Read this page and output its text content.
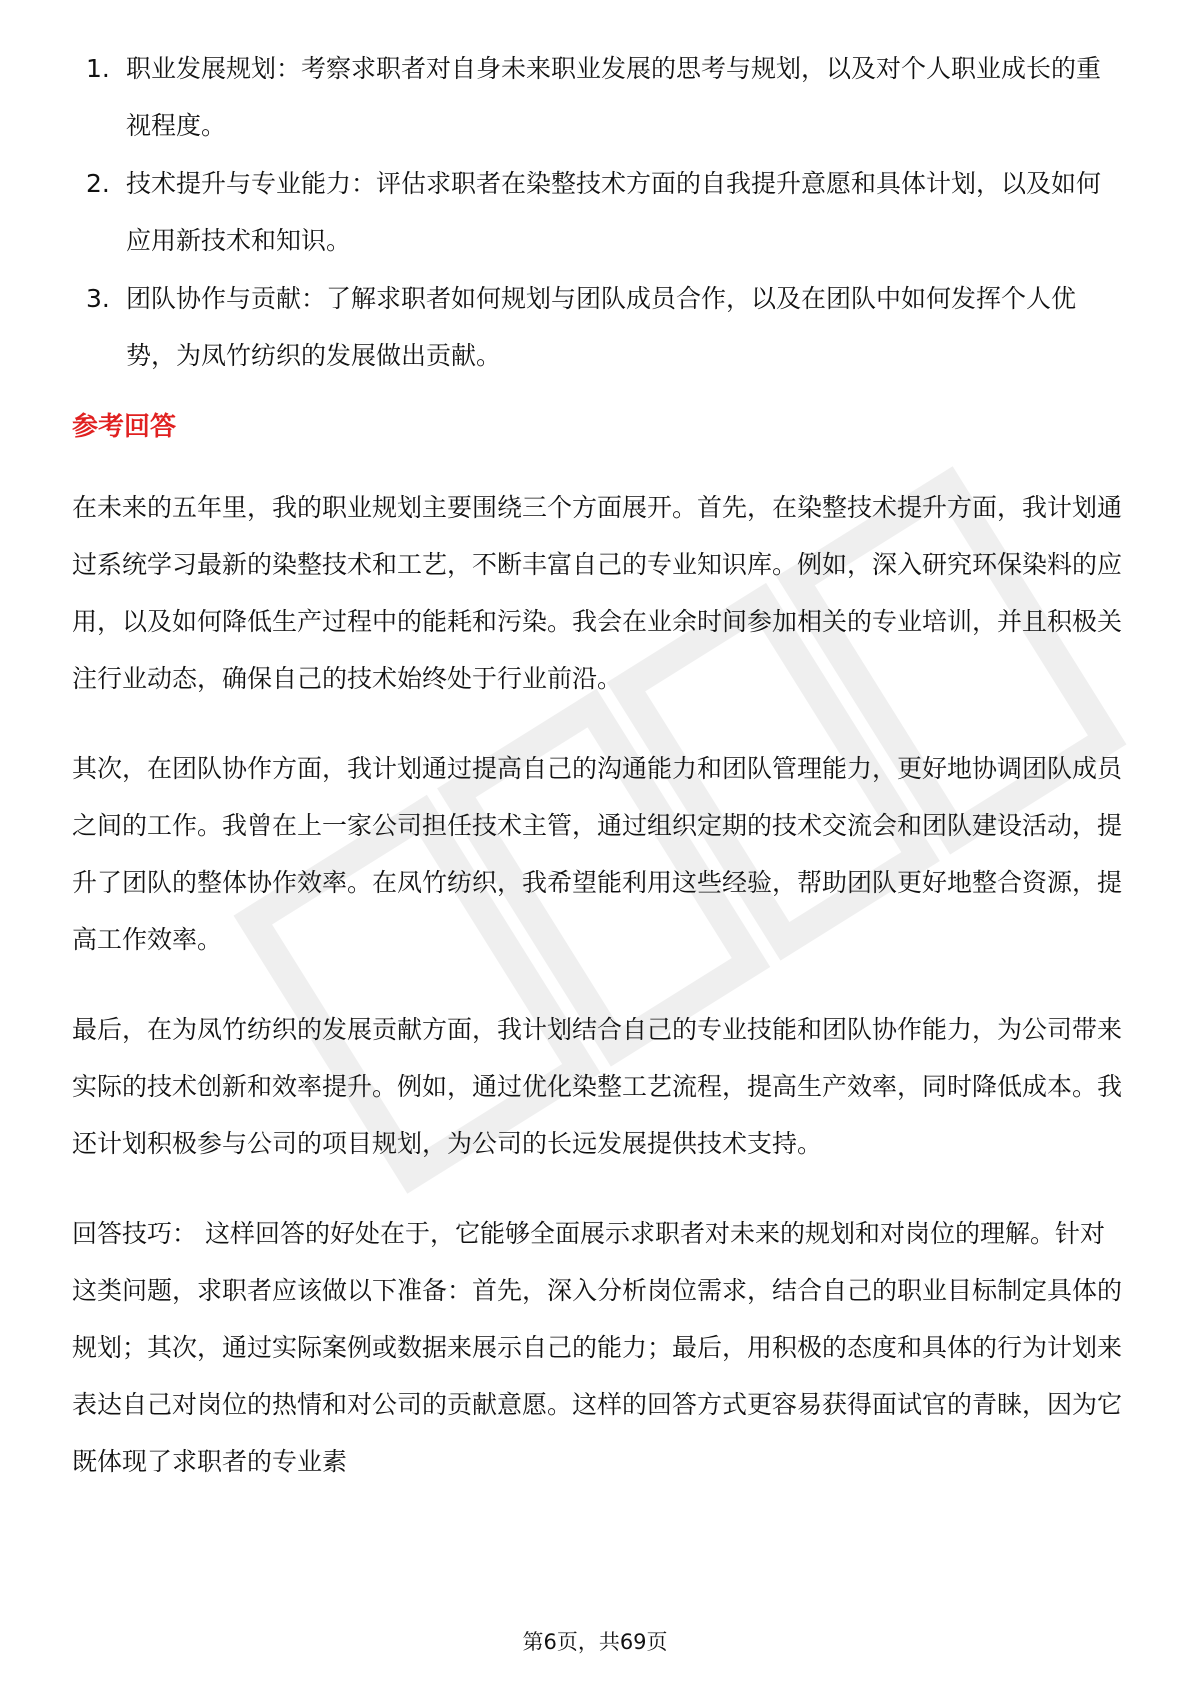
1. 职业发展规划：考察求职者对自身未来职业发展的思考与规划，以及对个人职业成长的重视程度。
2. 技术提升与专业能力：评估求职者在染整技术方面的自我提升意愿和具体计划，以及如何应用新技术和知识。
3. 团队协作与贡献：了解求职者如何规划与团队成员合作，以及在团队中如何发挥个人优势，为凤竹纺织的发展做出贡献。
参考回答

在未来的五年里，我的职业规划主要围绕三个方面展开。首先，在染整技术提升方面，我计划通过系统学习最新的染整技术和工艺，不断丰富自己的专业知识库。例如，深入研究环保染料的应用，以及如何降低生产过程中的能耗和污染。我会在业余时间参加相关的专业培训，并且积极关注行业动态，确保自己的技术始终处于行业前沿。

其次，在团队协作方面，我计划通过提高自己的沟通能力和团队管理能力，更好地协调团队成员之间的工作。我曾在上一家公司担任技术主管，通过组织定期的技术交流会和团队建设活动，提升了团队的整体协作效率。在凤竹纺织，我希望能利用这些经验，帮助团队更好地整合资源，提高工作效率。

最后，在为凤竹纺织的发展贡献方面，我计划结合自己的专业技能和团队协作能力，为公司带来实际的技术创新和效率提升。例如，通过优化染整工艺流程，提高生产效率，同时降低成本。我还计划积极参与公司的项目规划，为公司的长远发展提供技术支持。

回答技巧： 这样回答的好处在于，它能够全面展示求职者对未来的规划和对岗位的理解。针对这类问题，求职者应该做以下准备：首先，深入分析岗位需求，结合自己的职业目标制定具体的规划；其次，通过实际案例或数据来展示自己的能力；最后，用积极的态度和具体的行为计划来表达自己对岗位的热情和对公司的贡献意愿。这样的回答方式更容易获得面试官的青睐，因为它既体现了求职者的专业素

第6页，共69页
